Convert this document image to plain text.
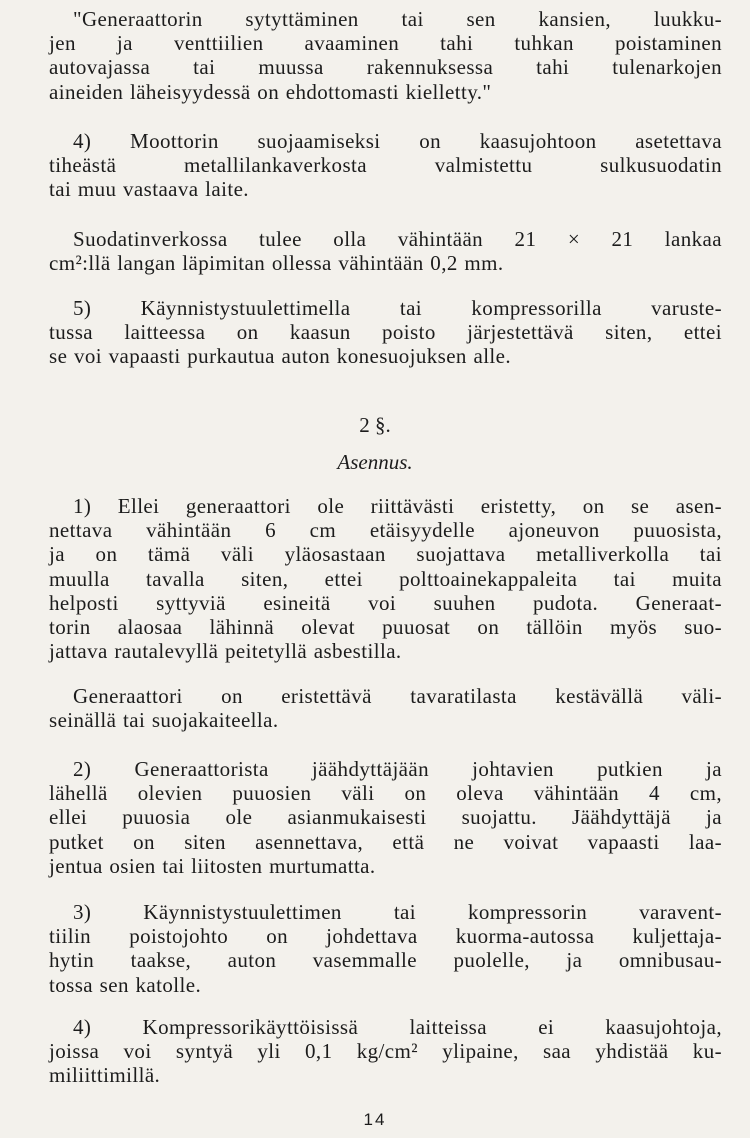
"Generaattorin sytyttäminen tai sen kansien, luukku-
jen ja venttiilien avaaminen tahi tuhkan poistaminen
autovajassa tai muussa rakennuksessa tahi tulenarkojen
aineiden läheisyydessä on ehdottomasti kielletty."
4) Moottorin suojaamiseksi on kaasujohtoon asetettava
tiheästä metallilankaverkosta valmistettu sulkusuodatin
tai muu vastaava laite.
Suodatinverkossa tulee olla vähintään 21 × 21 lankaa
cm²:llä langan läpimitan ollessa vähintään 0,2 mm.
5) Käynnistystuulettimella tai kompressorilla varuste-
tussa laitteessa on kaasun poisto järjestettävä siten, ettei
se voi vapaasti purkautua auton konesuojuksen alle.
2 §.
Asennus.
1) Ellei generaattori ole riittävästi eristetty, on se asen-
nettava vähintään 6 cm etäisyydelle ajoneuvon puuosista,
ja on tämä väli yläosastaan suojattava metalliverkolla tai
muulla tavalla siten, ettei polttoainekappaleita tai muita
helposti syttyviä esineitä voi suuhen pudota. Generaat-
torin alaosaa lähinnä olevat puuosat on tällöin myös suo-
jattava rautalevyllä peitetyllä asbestilla.
Generaattori on eristettävä tavaratilasta kestävällä väli-
seinällä tai suojakaiteella.
2) Generaattorista jäähdyttäjään johtavien putkien ja
lähellä olevien puuosien väli on oleva vähintään 4 cm,
ellei puuosia ole asianmukaisesti suojattu. Jäähdyttäjä ja
putket on siten asennettava, että ne voivat vapaasti laa-
jentua osien tai liitosten murtumatta.
3) Käynnistystuulettimen tai kompressorin varavent-
tiilin poistojohto on johdettava kuorma-autossa kuljettaja-
hytin taakse, auton vasemmalle puolelle, ja omnibusau-
tossa sen katolle.
4) Kompressorikäyttöisissä laitteissa ei kaasujohtoja,
joissa voi syntyä yli 0,1 kg/cm² ylipaine, saa yhdistää ku-
miliittimillä.
14
